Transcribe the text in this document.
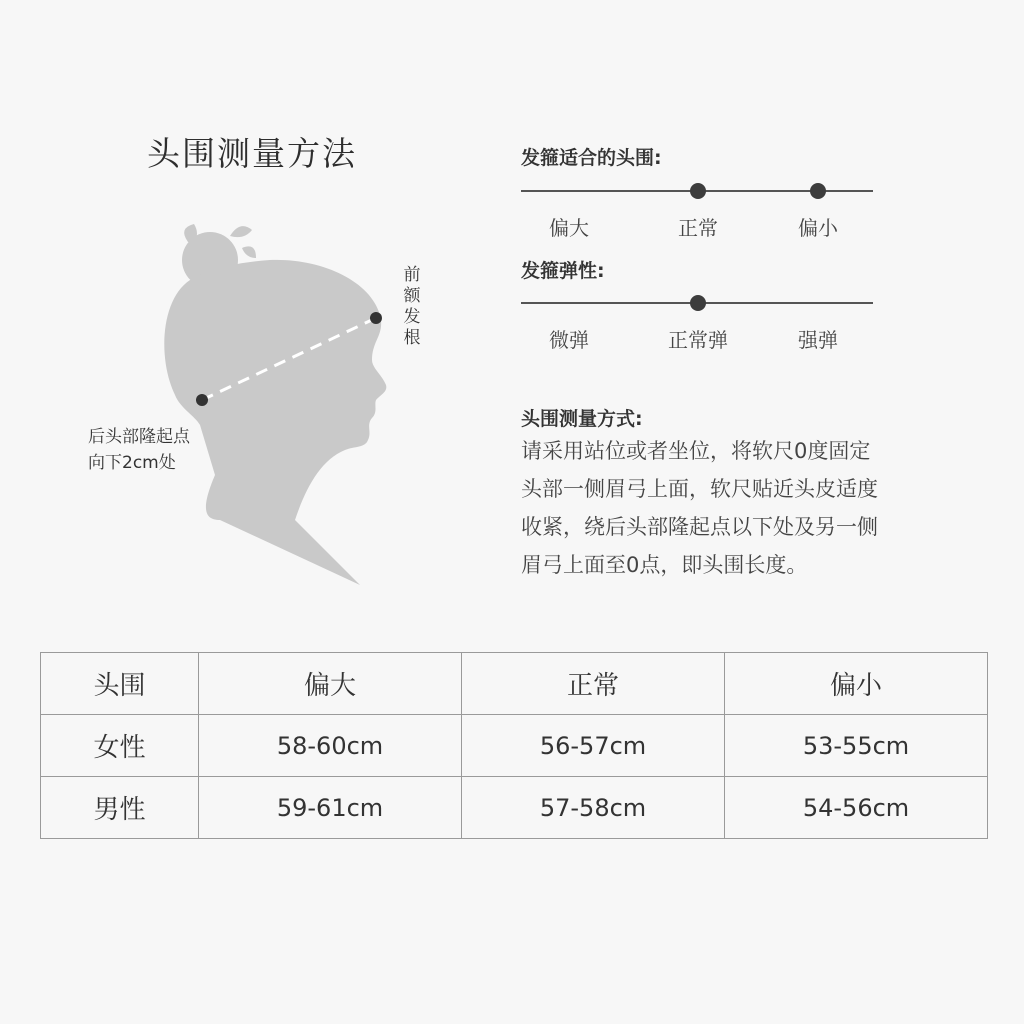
头围测量方法
前额发根
后头部隆起点
向下2cm处
发箍适合的头围:
偏大	正常	偏小
发箍弹性:
微弹	正常弹	强弹
头围测量方式:
请采用站位或者坐位，将软尺0度固定
头部一侧眉弓上面，软尺贴近头皮适度
收紧，绕后头部隆起点以下处及另一侧
眉弓上面至0点，即头围长度。
头围	偏大	正常	偏小
女性	58-60cm	56-57cm	53-55cm
男性	59-61cm	57-58cm	54-56cm
